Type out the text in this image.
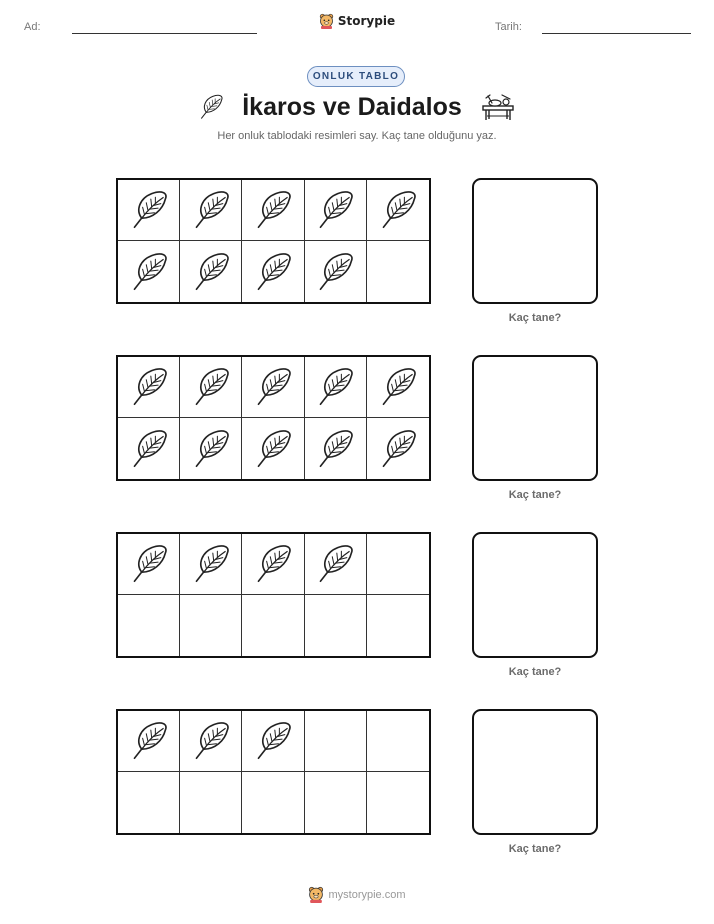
Ad:	Storypie	Tarih:
ONLUK TABLO
İkaros ve Daidalos
Her onluk tablodaki resimleri say. Kaç tane olduğunu yaz.
Kaç tane?
Kaç tane?
Kaç tane?
Kaç tane?
mystorypie.com
